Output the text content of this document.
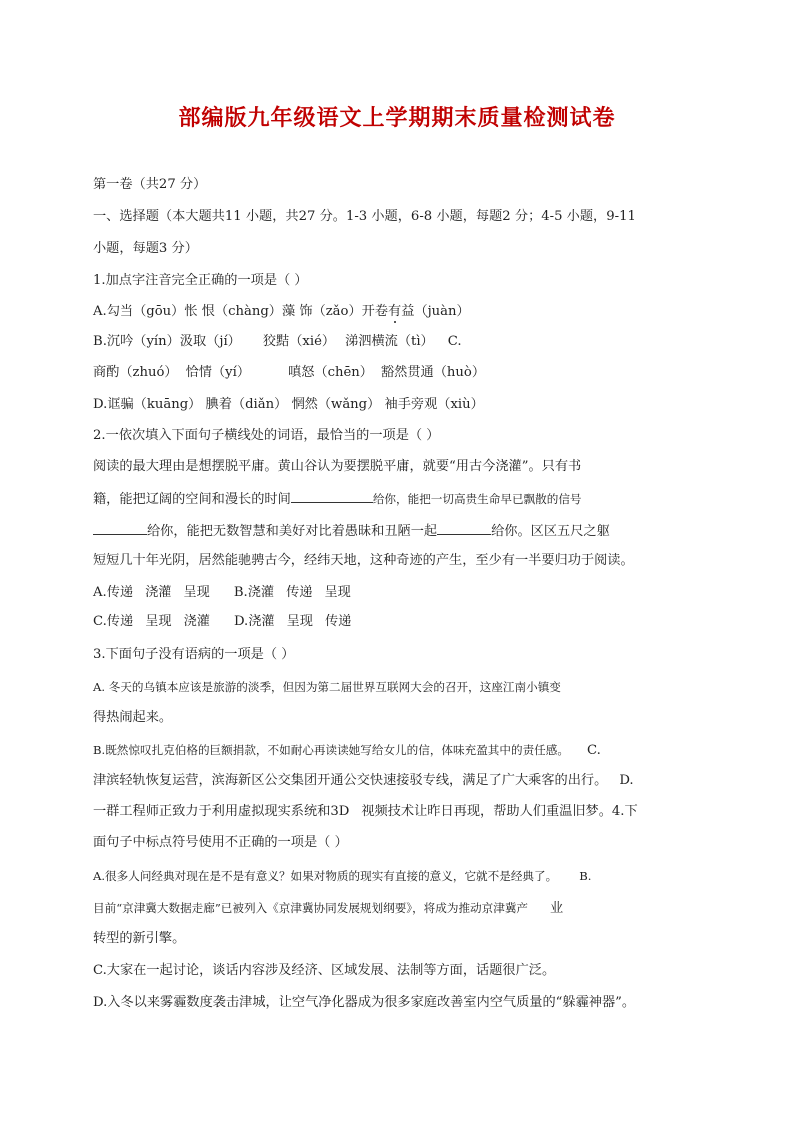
部编版九年级语文上学期期末质量检测试卷
第一卷（共27 分）
一、选择题（本大题共11 小题，共27 分。1-3 小题，6-8 小题，每题2 分；4-5 小题，9-11
小题，每题3 分）
1.加点字注音完全正确的一项是（ ）
A.勾当（gōu）怅 恨（chàng）藻 饰（zǎo）开卷有益（juàn）
B.沉吟（yín）汲取（jí） 狡黠（xié） 涕泗横流（tì） C.
商酌（zhuó） 恰情（yí）	嗔怒（chēn） 豁然贯通（huò）
D.诓骗（kuāng） 腆着（diǎn） 惘然（wǎng） 袖手旁观（xiù）
2.一依次填入下面句子横线处的词语，最恰当的一项是（ ）
阅读的最大理由是想摆脱平庸。黄山谷认为要摆脱平庸，就要“用古今浇灌”。只有书
籍，能把辽阔的空间和漫长的时间	给你，能把一切高贵生命早已飘散的信号
给你，能把无数智慧和美好对比着愚昧和丑陋一起	给你。区区五尺之躯
短短几十年光阴，居然能驰骋古今，经纬天地，这种奇迹的产生，至少有一半要归功于阅读。
A.传递 浇灌 呈现 B.浇灌 传递 呈现
C.传递 呈现 浇灌 D.浇灌 呈现 传递
3.下面句子没有语病的一项是（ ）
A. 冬天的乌镇本应该是旅游的淡季，但因为第二届世界互联网大会的召开，这座江南小镇变
得热闹起来。
B.既然惊叹扎克伯格的巨额捐款，不如耐心再读读她写给女儿的信，体味充盈其中的责任感。 C.
津滨轻轨恢复运营，滨海新区公交集团开通公交快速接驳专线，满足了广大乘客的出行。 D.
一群工程师正致力于利用虚拟现实系统和3D 视频技术让昨日再现，帮助人们重温旧梦。4.下
面句子中标点符号使用不正确的一项是（ ）
A.很多人问经典对现在是不是有意义？如果对物质的现实有直接的意义，它就不是经典了。 B.
目前“京津冀大数据走廊”已被列入《京津冀协同发展规划纲要》，将成为推动京津冀产 业
转型的新引擎。
C.大家在一起讨论，谈话内容涉及经济、区域发展、法制等方面，话题很广泛。
D.入冬以来雾霾数度袭击津城，让空气净化器成为很多家庭改善室内空气质量的“躲霾神器”。
